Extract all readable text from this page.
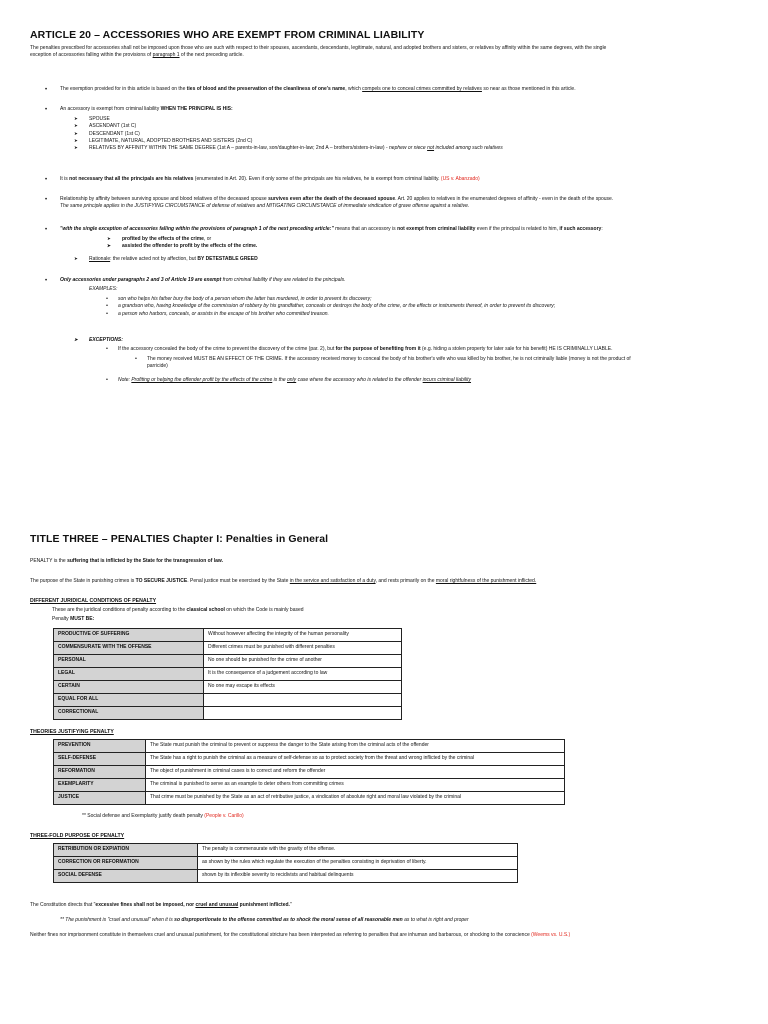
ARTICLE 20 – ACCESSORIES WHO ARE EXEMPT FROM CRIMINAL LIABILITY
The penalties prescribed for accessories shall not be imposed upon those who are such with respect to their spouses, ascendants, descendants, legitimate, natural, and adopted brothers and sisters, or relatives by affinity within the same degrees, with the single
exception of accessories falling within the provisions of paragraph 1 of the next preceding article.
• The exemption provided for in this article is based on the ties of blood and the preservation of the cleanliness of one's name, which compels one to conceal crimes committed by relatives so near as those mentioned in this article.
• An accessory is exempt from criminal liability WHEN THE PRINCIPAL IS HIS:
➤ SPOUSE
➤ ASCENDANT (1st C)
➤ DESCENDANT (1st C)
➤ LEGITIMATE, NATURAL, ADOPTED BROTHERS AND SISTERS (2nd C)
➤ RELATIVES BY AFFINITY WITHIN THE SAME DEGREE (1st A – parents-in-law, son/daughter-in-law; 2nd A – brothers/sisters-in-law) - nephew or niece not included among such relatives
• It is not necessary that all the principals are his relatives (enumerated in Art. 20). Even if only some of the principals are his relatives, he is exempt from criminal liability. (US v. Abanzado)
• Relationship by affinity between surviving spouse and blood relatives of the deceased spouse survives even after the death of the deceased spouse. Art. 20 applies to relatives in the enumerated degrees of affinity - even in the death of the spouse.
The same principle applies in the JUSTIFYING CIRCUMSTANCE of defense of relatives and MITIGATING CIRCUMSTANCE of immediate vindication of grave offense against a relative.
• "with the single exception of accessories falling within the provisions of paragraph 1 of the next preceding article:" means that an accessory is not exempt from criminal liability even if the principal is related to him, if such accessory:
➤ profited by the effects of the crime, or
➤ assisted the offender to profit by the effects of the crime.
➤ Rationale: the relative acted not by affection, but BY DETESTABLE GREED
• Only accessories under paragraphs 2 and 3 of Article 19 are exempt from criminal liability if they are related to the principals.
EXAMPLES:
• son who helps his father bury the body of a person whom the latter has murdered, in order to prevent its discovery;
• a grandson who, having knowledge of the commission of robbery by his grandfather, conceals or destroys the body of the crime, or the effects or instruments thereof, in order to prevent its discovery;
• a person who harbors, conceals, or assists in the escape of his brother who committed treason.
➤ EXCEPTIONS:
• If the accessory concealed the body of the crime to prevent the discovery of the crime (par. 2), but for the purpose of benefiting from it (e.g. hiding a stolen property for later sale for his benefit) HE IS CRIMINALLY LIABLE.
• The money received MUST BE AN EFFECT OF THE CRIME. If the accessory received money to conceal the body of his brother's wife who was killed by his brother, he is not criminally liable (money is not the product of
parricide)
• Note: Profiting or helping the offender profit by the effects of the crime is the only case where the accessory who is related to the offender incurs criminal liability
TITLE THREE – PENALTIES Chapter I: Penalties in General
PENALTY is the suffering that is inflicted by the State for the transgression of law.
The purpose of the State in punishing crimes is TO SECURE JUSTICE. Penal justice must be exercised by the State in the service and satisfaction of a duty, and rests primarily on the moral rightfulness of the punishment inflicted.
DIFFERENT JURIDICAL CONDITIONS OF PENALTY
These are the juridical conditions of penalty according to the classical school on which the Code is mainly based
Penalty MUST BE:
PRODUCTIVE OF SUFFERING	Without however affecting the integrity of the human personality
COMMENSURATE WITH THE OFFENSE	Different crimes must be punished with different penalties
PERSONAL	No one should be punished for the crime of another
LEGAL	It is the consequence of a judgement according to law
CERTAIN	No one may escape its effects
EQUAL FOR ALL	
CORRECTIONAL	
THEORIES JUSTIFYING PENALTY
PREVENTION	The State must punish the criminal to prevent or suppress the danger to the State arising from the criminal acts of the offender
SELF-DEFENSE	The State has a right to punish the criminal as a measure of self-defense so as to protect society from the threat and wrong inflicted by the criminal
REFORMATION	The object of punishment in criminal cases is to correct and reform the offender
EXEMPLARITY	The criminal is punished to serve as an example to deter others from committing crimes
JUSTICE	That crime must be punished by the State as an act of retributive justice, a vindication of absolute right and moral law violated by the criminal
** Social defense and Exemplarity justify death penalty (People v. Carillo)
THREE-FOLD PURPOSE OF PENALTY
RETRIBUTION OR EXPIATION	The penalty is commensurate with the gravity of the offense.
CORRECTION OR REFORMATION	as shown by the rules which regulate the execution of the penalties consisting in deprivation of liberty.
SOCIAL DEFENSE	shown by its inflexible severity to recidivists and habitual delinquents
The Constitution directs that "excessive fines shall not be imposed, nor cruel and unusual punishment inflicted."
** The punishment is "cruel and unusual" when it is so disproportionate to the offense committed as to shock the moral sense of all reasonable men as to what is right and proper
Neither fines nor imprisonment constitute in themselves cruel and unusual punishment, for the constitutional stricture has been interpreted as referring to penalties that are inhuman and barbarous, or shocking to the conscience (Weems vs. U.S.)
